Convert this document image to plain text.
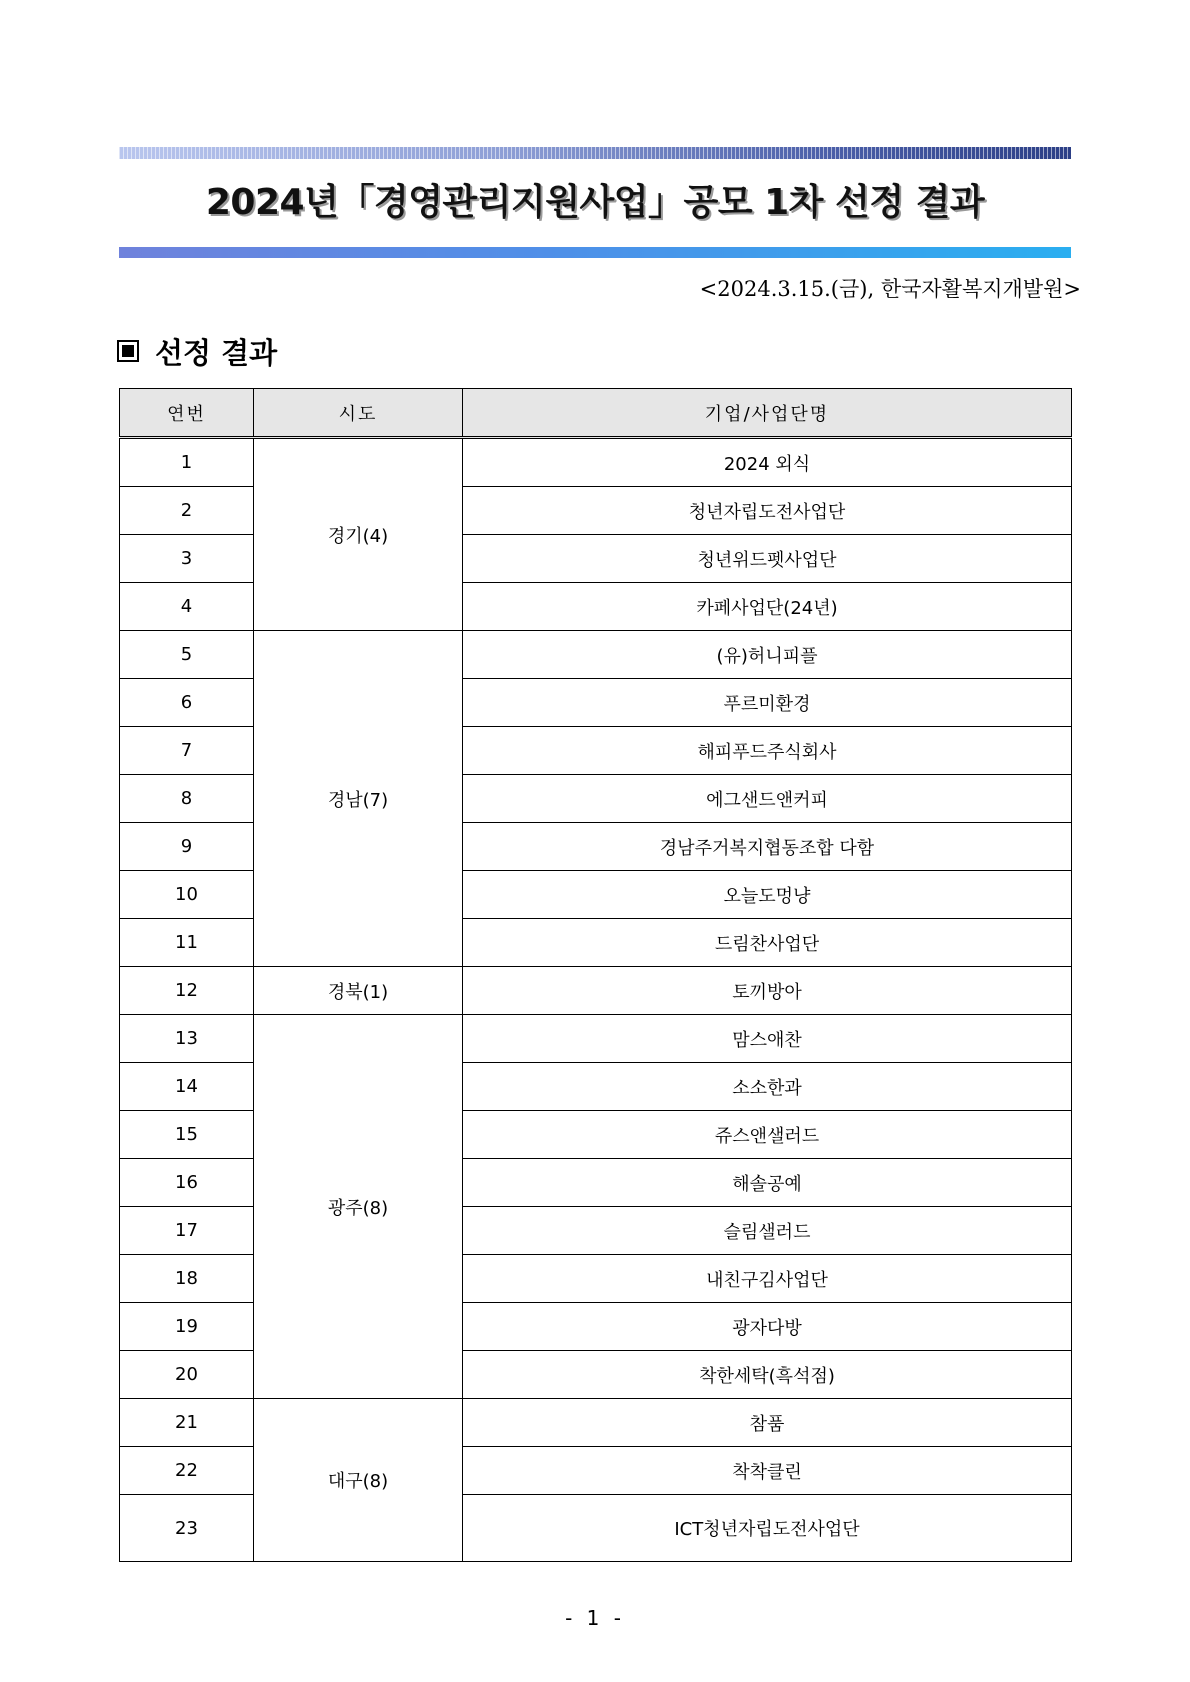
2024년「경영관리지원사업」공모 1차 선정 결과
<2024.3.15.(금), 한국자활복지개발원>
선정 결과
연번	시도	기업/사업단명
1	경기(4)	2024 외식
2		청년자립도전사업단
3		청년위드펫사업단
4		카페사업단(24년)
5	경남(7)	(유)허니피플
6		푸르미환경
7		해피푸드주식회사
8		에그샌드앤커피
9		경남주거복지협동조합 다함
10		오늘도멍냥
11		드림찬사업단
12	경북(1)	토끼방아
13	광주(8)	맘스애찬
14		소소한과
15		쥬스앤샐러드
16		해솔공예
17		슬림샐러드
18		내친구김사업단
19		광자다방
20		착한세탁(흑석점)
21	대구(8)	참품
22		착착클린
23		ICT청년자립도전사업단
- 1 -
